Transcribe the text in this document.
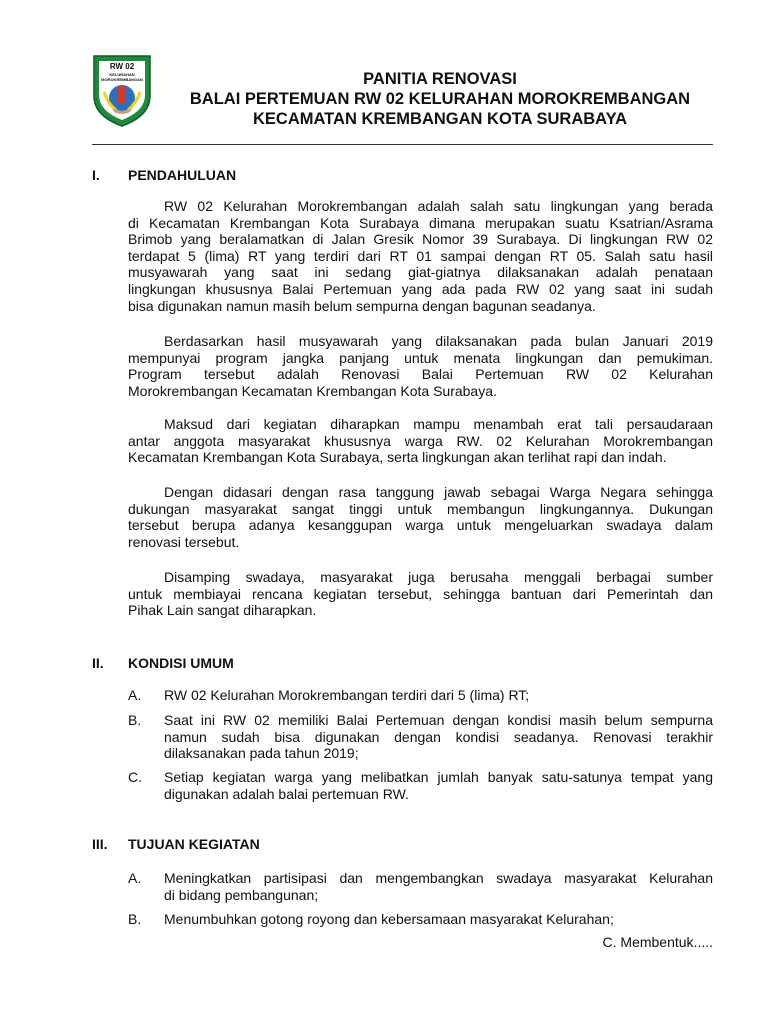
RW 02
KELURAHAN MOROKREMBANGAN	PANITIA RENOVASI
BALAI PERTEMUAN RW 02 KELURAHAN MOROKREMBANGAN
KECAMATAN KREMBANGAN KOTA SURABAYA
I. PENDAHULUAN
RW 02 Kelurahan Morokrembangan adalah salah satu lingkungan yang berada
di Kecamatan Krembangan Kota Surabaya dimana merupakan suatu Ksatrian/Asrama
Brimob yang beralamatkan di Jalan Gresik Nomor 39 Surabaya. Di lingkungan RW 02
terdapat 5 (lima) RT yang terdiri dari RT 01 sampai dengan RT 05. Salah satu hasil
musyawarah yang saat ini sedang giat-giatnya dilaksanakan adalah penataan
lingkungan khususnya Balai Pertemuan yang ada pada RW 02 yang saat ini sudah
bisa digunakan namun masih belum sempurna dengan bagunan seadanya.
Berdasarkan hasil musyawarah yang dilaksanakan pada bulan Januari 2019
mempunyai program jangka panjang untuk menata lingkungan dan pemukiman.
Program tersebut adalah Renovasi Balai Pertemuan RW 02 Kelurahan
Morokrembangan Kecamatan Krembangan Kota Surabaya.
Maksud dari kegiatan diharapkan mampu menambah erat tali persaudaraan
antar anggota masyarakat khususnya warga RW. 02 Kelurahan Morokrembangan
Kecamatan Krembangan Kota Surabaya, serta lingkungan akan terlihat rapi dan indah.
Dengan didasari dengan rasa tanggung jawab sebagai Warga Negara sehingga
dukungan masyarakat sangat tinggi untuk membangun lingkungannya. Dukungan
tersebut berupa adanya kesanggupan warga untuk mengeluarkan swadaya dalam
renovasi tersebut.
Disamping swadaya, masyarakat juga berusaha menggali berbagai sumber
untuk membiayai rencana kegiatan tersebut, sehingga bantuan dari Pemerintah dan
Pihak Lain sangat diharapkan.
II. KONDISI UMUM
A. RW 02 Kelurahan Morokrembangan terdiri dari 5 (lima) RT;
B. Saat ini RW 02 memiliki Balai Pertemuan dengan kondisi masih belum sempurna
namun sudah bisa digunakan dengan kondisi seadanya. Renovasi terakhir
dilaksanakan pada tahun 2019;
C. Setiap kegiatan warga yang melibatkan jumlah banyak satu-satunya tempat yang
digunakan adalah balai pertemuan RW.
III. TUJUAN KEGIATAN
A. Meningkatkan partisipasi dan mengembangkan swadaya masyarakat Kelurahan
di bidang pembangunan;
B. Menumbuhkan gotong royong dan kebersamaan masyarakat Kelurahan;
C. Membentuk.....
